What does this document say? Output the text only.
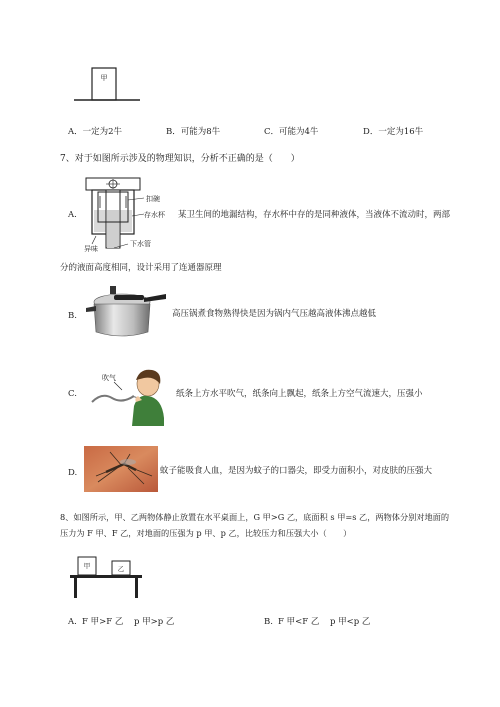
甲
A．一定为2牛	B．可能为8牛	C．可能为4牛	D．一定为16牛
7、对于如图所示涉及的物理知识，分析不正确的是（　　）
A.
扣碗
存水杯
异味
下水管
某卫生间的地漏结构，存水杯中存的是同种液体，当液体不流动时，两部
分的液面高度相同，设计采用了连通器原理
B.	高压锅煮食物熟得快是因为锅内气压越高液体沸点越低
C.
吹气
纸条上方水平吹气，纸条向上飘起，纸条上方空气流速大，压强小
D.	蚊子能吸食人血，是因为蚊子的口器尖，即受力面积小，对皮肤的压强大
8、如图所示，甲、乙两物体静止放置在水平桌面上，G 甲>G 乙，底面积 s 甲=s 乙，两物体分别对地面的
压力为 F 甲、F 乙，对地面的压强为 p 甲、p 乙，比较压力和压强大小（　　）
甲	乙
A. F 甲>F 乙 p 甲>p 乙	B. F 甲<F 乙 p 甲<p 乙
